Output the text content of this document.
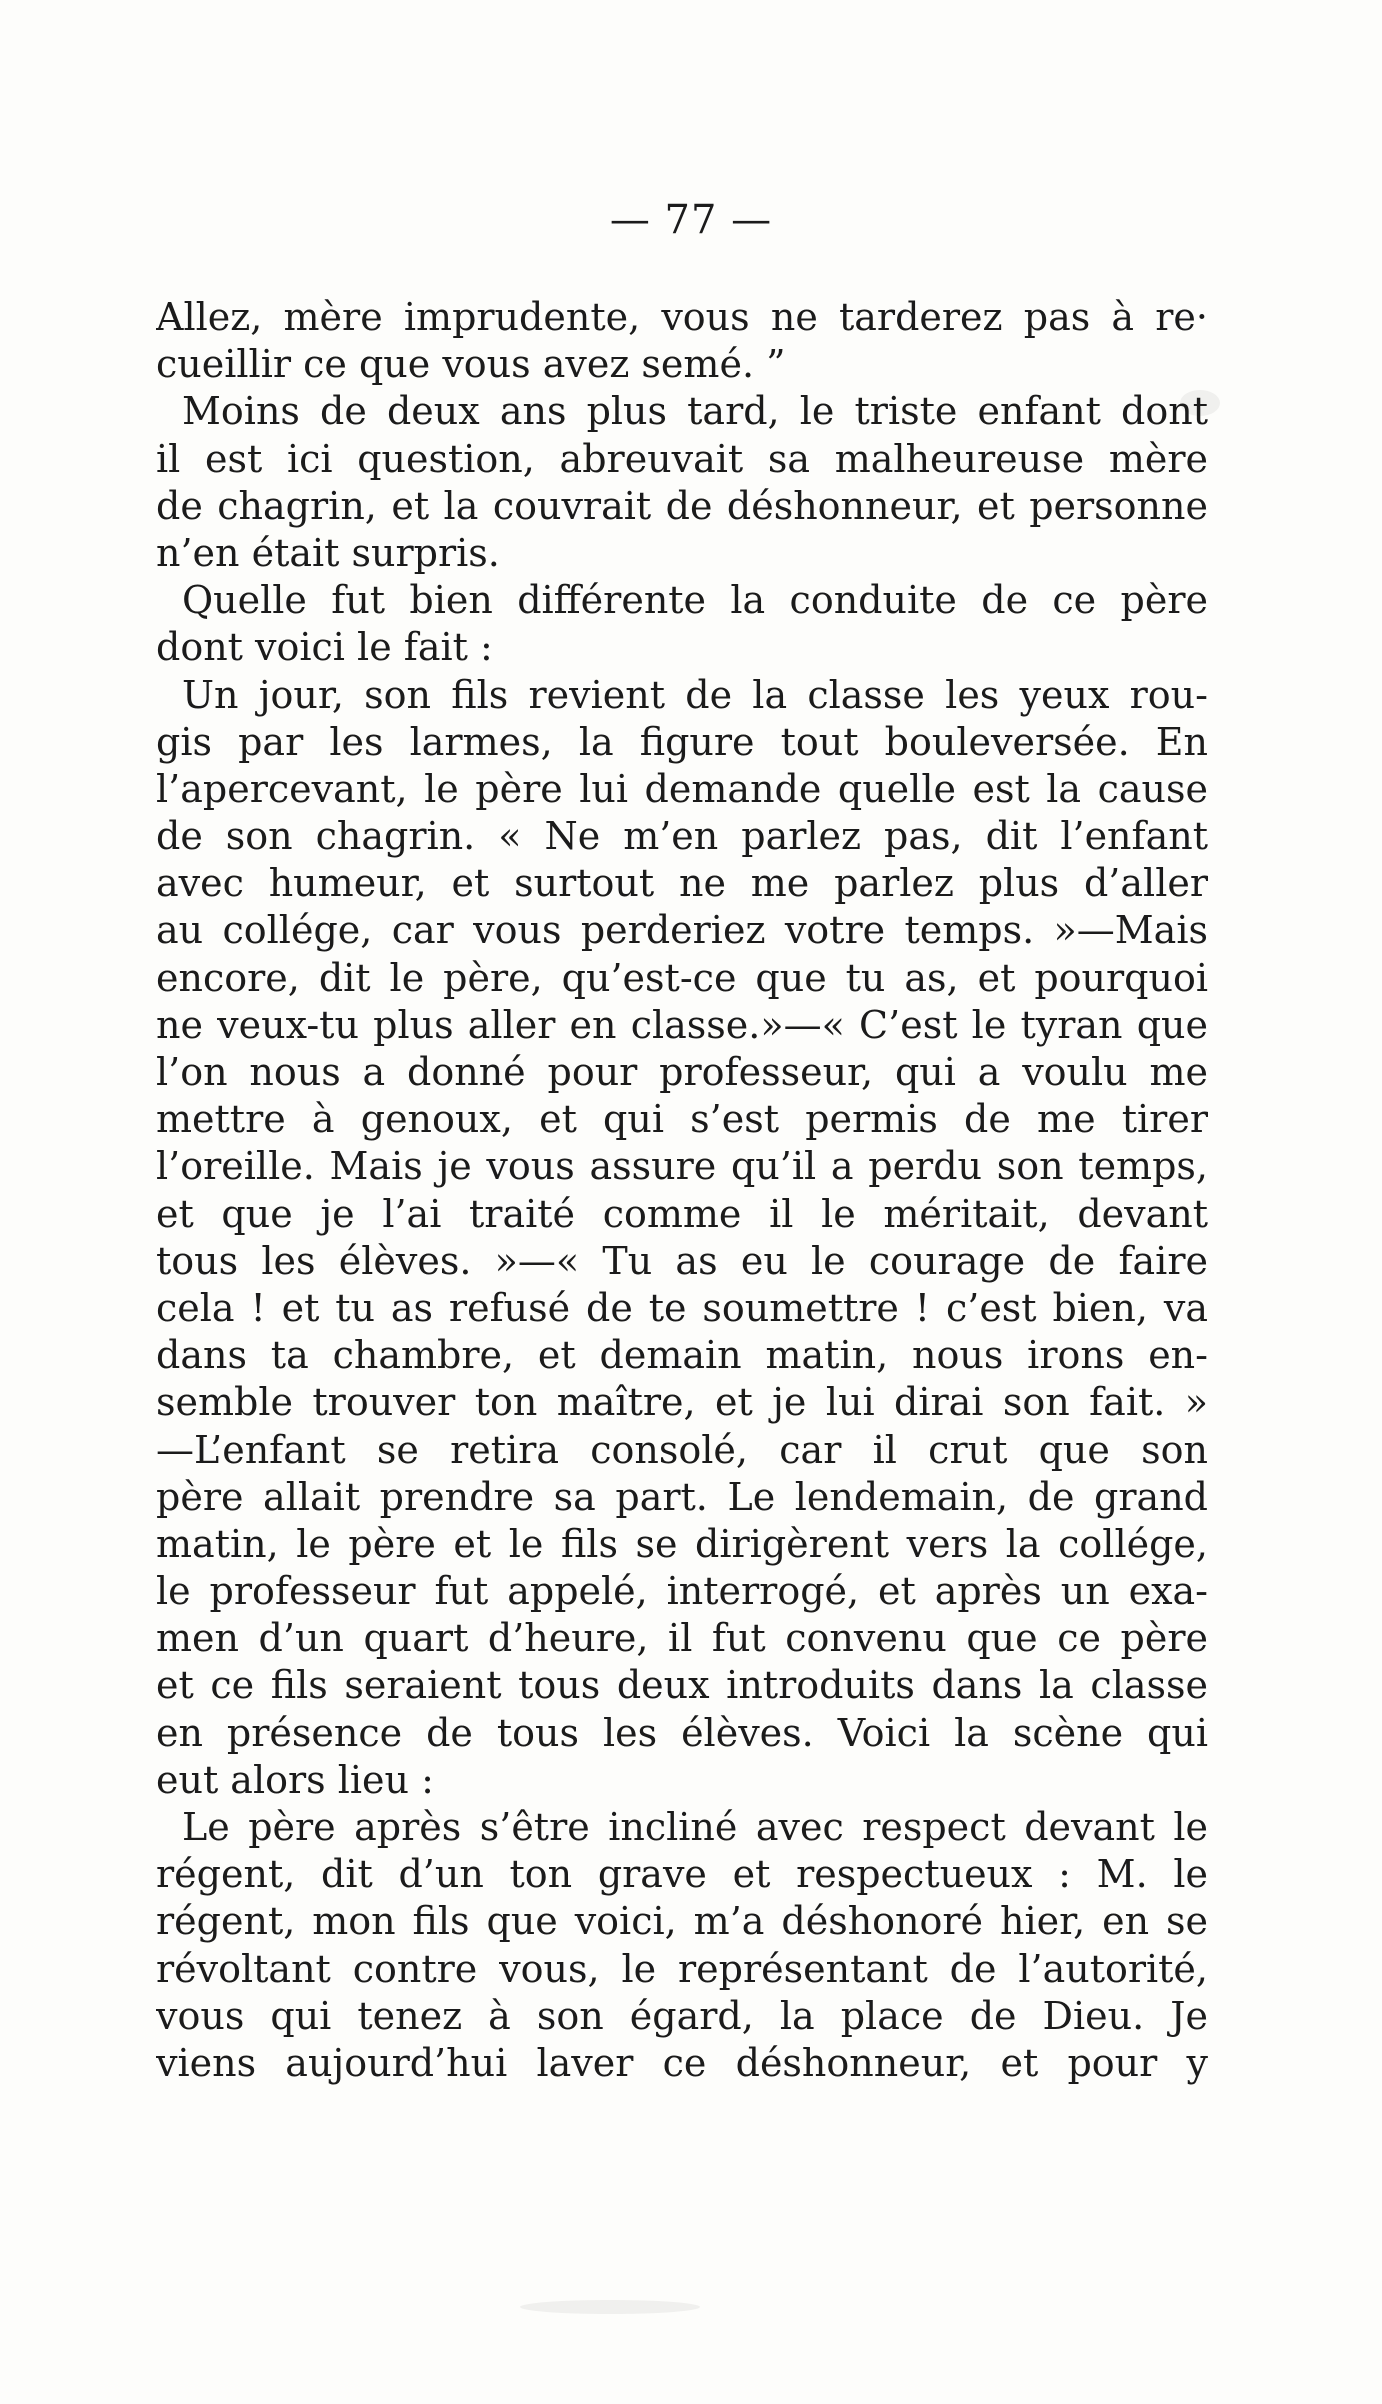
— 77 —
Allez, mère imprudente, vous ne tarderez pas à re·
cueillir ce que vous avez semé. ”
Moins de deux ans plus tard, le triste enfant dont
il est ici question, abreuvait sa malheureuse mère
de chagrin, et la couvrait de déshonneur, et personne
n’en était surpris.
Quelle fut bien différente la conduite de ce père
dont voici le fait :
Un jour, son fils revient de la classe les yeux rou-
gis par les larmes, la figure tout bouleversée. En
l’apercevant, le père lui demande quelle est la cause
de son chagrin. « Ne m’en parlez pas, dit l’enfant
avec humeur, et surtout ne me parlez plus d’aller
au collége, car vous perderiez votre temps. »—Mais
encore, dit le père, qu’est-ce que tu as, et pourquoi
ne veux-tu plus aller en classe.»—« C’est le tyran que
l’on nous a donné pour professeur, qui a voulu me
mettre à genoux, et qui s’est permis de me tirer
l’oreille. Mais je vous assure qu’il a perdu son temps,
et que je l’ai traité comme il le méritait, devant
tous les élèves. »—« Tu as eu le courage de faire
cela ! et tu as refusé de te soumettre ! c’est bien, va
dans ta chambre, et demain matin, nous irons en-
semble trouver ton maître, et je lui dirai son fait. »
—L’enfant se retira consolé, car il crut que son
père allait prendre sa part. Le lendemain, de grand
matin, le père et le fils se dirigèrent vers la collége,
le professeur fut appelé, interrogé, et après un exa-
men d’un quart d’heure, il fut convenu que ce père
et ce fils seraient tous deux introduits dans la classe
en présence de tous les élèves. Voici la scène qui
eut alors lieu :
Le père après s’être incliné avec respect devant le
régent, dit d’un ton grave et respectueux : M. le
régent, mon fils que voici, m’a déshonoré hier, en se
révoltant contre vous, le représentant de l’autorité,
vous qui tenez à son égard, la place de Dieu. Je
viens aujourd’hui laver ce déshonneur, et pour y
